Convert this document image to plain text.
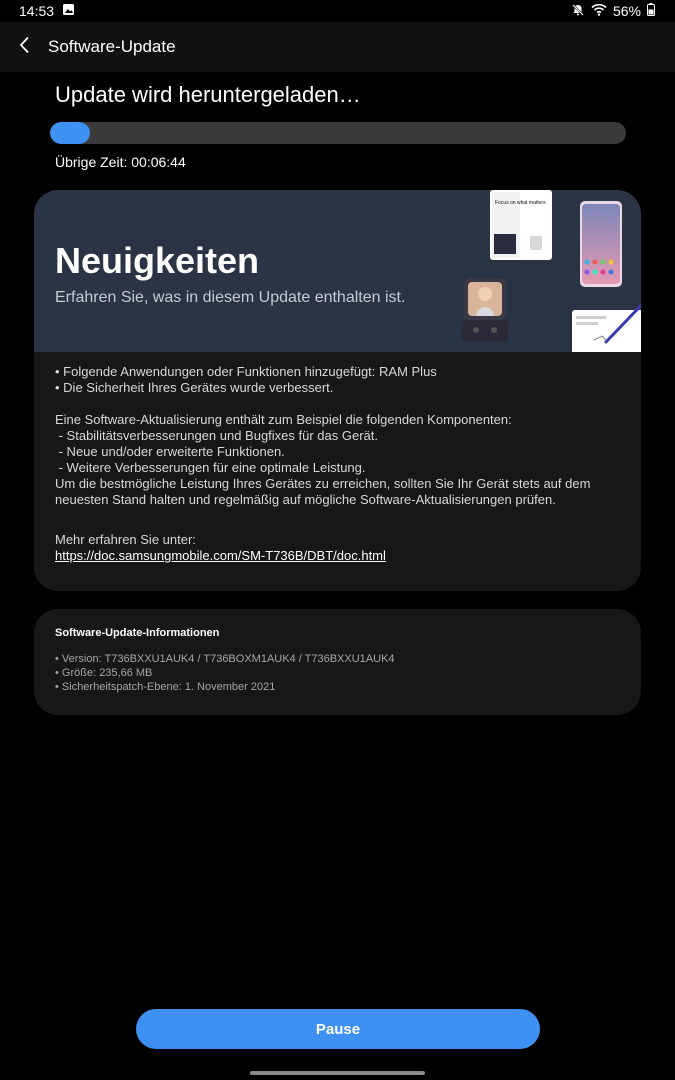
14:53	56%
Software-Update
Update wird heruntergeladen…
Übrige Zeit: 00:06:44
Neuigkeiten
Erfahren Sie, was in diesem Update enthalten ist.
Focus on what matters
• Folgende Anwendungen oder Funktionen hinzugefügt: RAM Plus
• Die Sicherheit Ihres Gerätes wurde verbessert.
Eine Software-Aktualisierung enthält zum Beispiel die folgenden Komponenten:
- Stabilitätsverbesserungen und Bugfixes für das Gerät.
- Neue und/oder erweiterte Funktionen.
- Weitere Verbesserungen für eine optimale Leistung.
Um die bestmögliche Leistung Ihres Gerätes zu erreichen, sollten Sie Ihr Gerät stets auf dem
neuesten Stand halten und regelmäßig auf mögliche Software-Aktualisierungen prüfen.
Mehr erfahren Sie unter:
https://doc.samsungmobile.com/SM-T736B/DBT/doc.html
Software-Update-Informationen
• Version: T736BXXU1AUK4 / T736BOXM1AUK4 / T736BXXU1AUK4
• Größe: 235,66 MB
• Sicherheitspatch-Ebene: 1. November 2021
Pause
